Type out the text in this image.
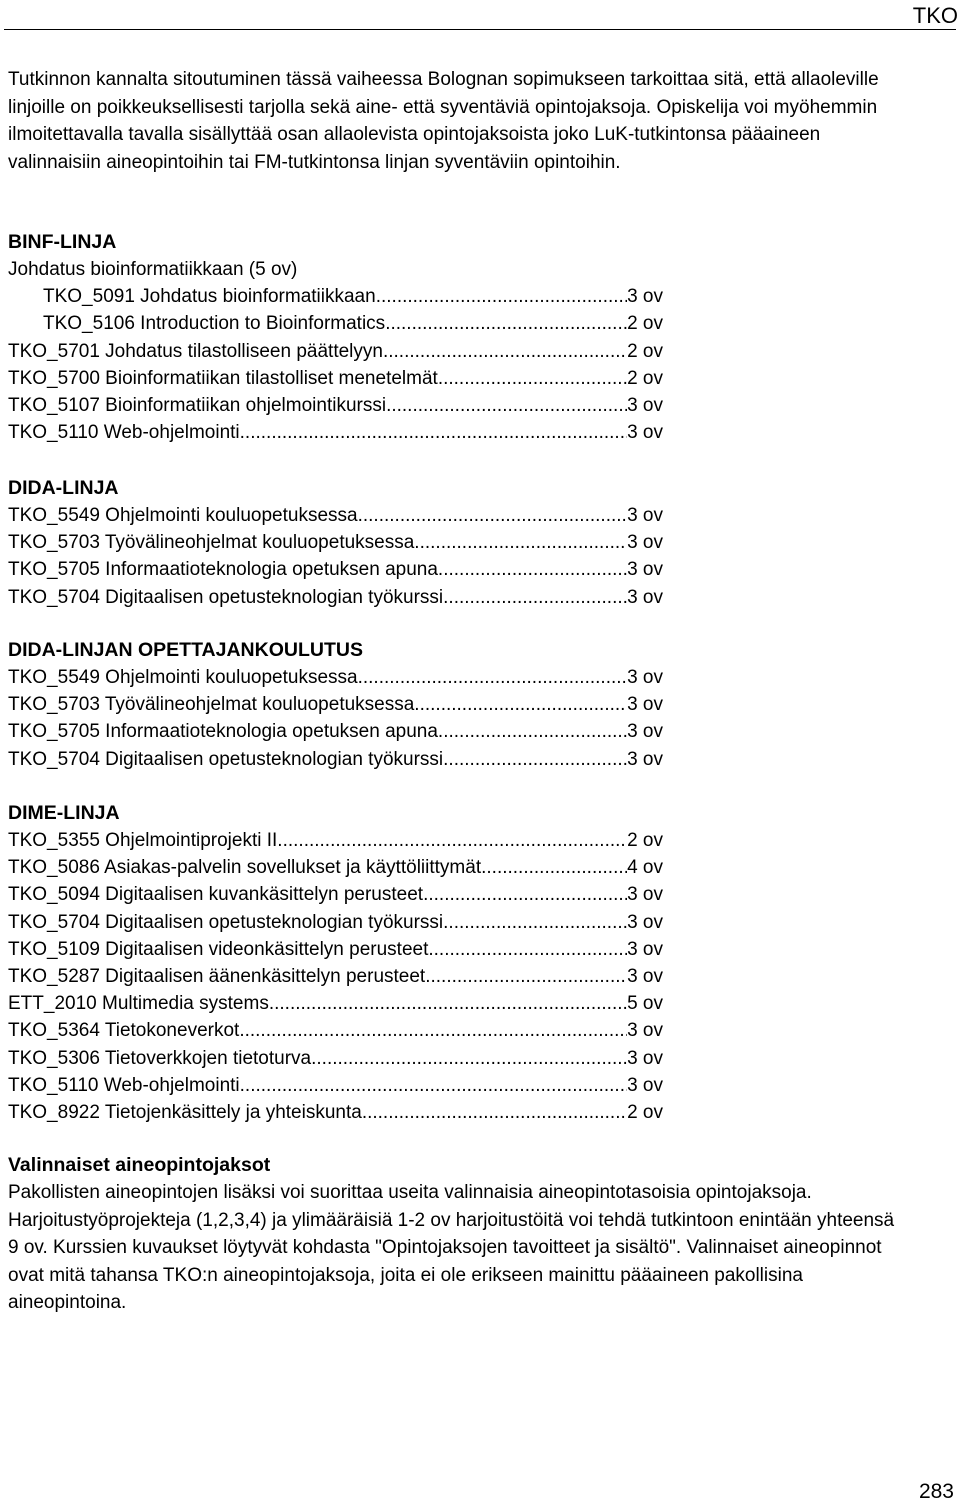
TKO

Tutkinnon kannalta sitoutuminen tässä vaiheessa Bolognan sopimukseen tarkoittaa sitä, että allaoleville linjoille on poikkeuksellisesti tarjolla sekä aine- että syventäviä opintojaksoja. Opiskelija voi myöhemmin ilmoitettavalla tavalla sisällyttää osan allaolevista opintojaksoista joko LuK-tutkintonsa pääaineen valinnaisiin aineopintoihin tai FM-tutkintonsa linjan syventäviin opintoihin.

BINF-LINJA
Johdatus bioinformatiikkaan (5 ov)
TKO_5091 Johdatus bioinformatiikkaan .....	3 ov
TKO_5106 Introduction to Bioinformatics .....	2 ov
TKO_5701 Johdatus tilastolliseen päättelyyn .....	2 ov
TKO_5700 Bioinformatiikan tilastolliset menetelmät .....	2 ov
TKO_5107 Bioinformatiikan ohjelmointikurssi .....	3 ov
TKO_5110 Web-ohjelmointi .....	3 ov
DIDA-LINJA
TKO_5549 Ohjelmointi kouluopetuksessa .....	3 ov
TKO_5703 Työvälineohjelmat kouluopetuksessa .....	3 ov
TKO_5705 Informaatioteknologia opetuksen apuna .....	3 ov
TKO_5704 Digitaalisen opetusteknologian työkurssi .....	3 ov
DIDA-LINJAN OPETTAJANKOULUTUS
TKO_5549 Ohjelmointi kouluopetuksessa .....	3 ov
TKO_5703 Työvälineohjelmat kouluopetuksessa .....	3 ov
TKO_5705 Informaatioteknologia opetuksen apuna .....	3 ov
TKO_5704 Digitaalisen opetusteknologian työkurssi .....	3 ov
DIME-LINJA
TKO_5355 Ohjelmointiprojekti II .....	2 ov
TKO_5086 Asiakas-palvelin sovellukset ja käyttöliittymät .....	4 ov
TKO_5094 Digitaalisen kuvankäsittelyn perusteet .....	3 ov
TKO_5704 Digitaalisen opetusteknologian työkurssi .....	3 ov
TKO_5109 Digitaalisen videonkäsittelyn perusteet .....	3 ov
TKO_5287 Digitaalisen äänenkäsittelyn perusteet .....	3 ov
ETT_2010 Multimedia systems .....	5 ov
TKO_5364 Tietokoneverkot .....	3 ov
TKO_5306 Tietoverkkojen tietoturva .....	3 ov
TKO_5110 Web-ohjelmointi .....	3 ov
TKO_8922 Tietojenkäsittely ja yhteiskunta .....	2 ov
Valinnaiset aineopintojaksot

Pakollisten aineopintojen lisäksi voi suorittaa useita valinnaisia aineopintotasoisia opintojaksoja. Harjoitustyöprojekteja (1,2,3,4) ja ylimääräisiä 1-2 ov harjoitustöitä voi tehdä tutkintoon enintään yhteensä 9 ov. Kurssien kuvaukset löytyvät kohdasta "Opintojaksojen tavoitteet ja sisältö". Valinnaiset aineopinnot ovat mitä tahansa TKO:n aineopintojaksoja, joita ei ole erikseen mainittu pääaineen pakollisina aineopintoina.

283
